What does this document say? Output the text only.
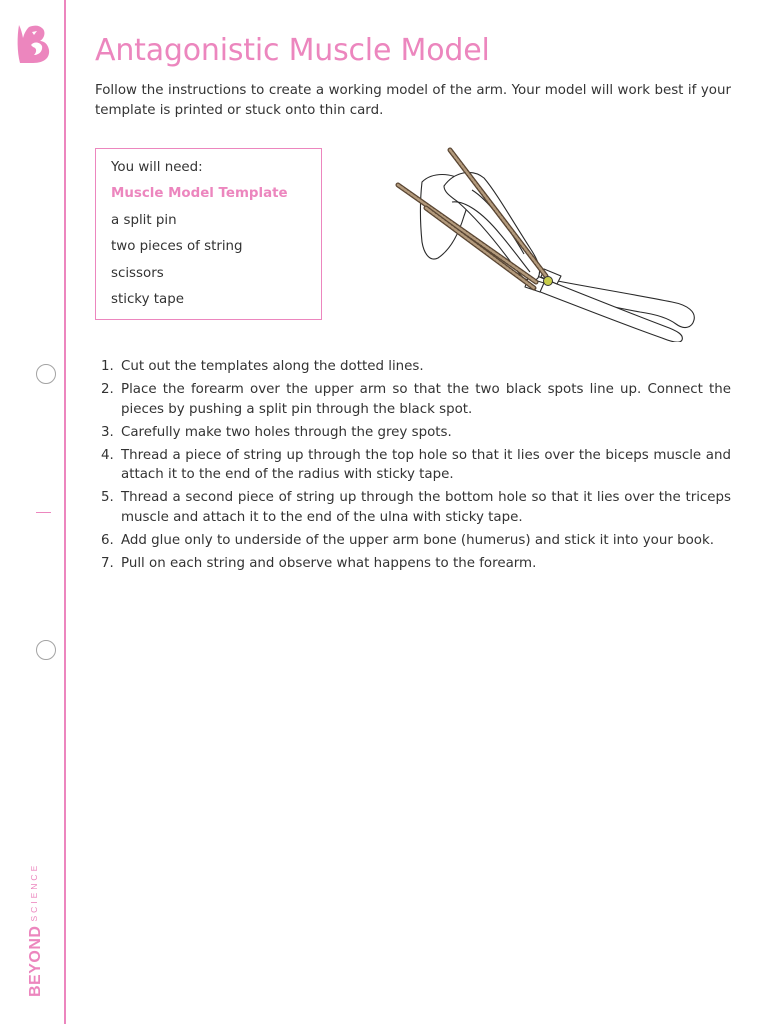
BEYONDSCIENCE
Antagonistic Muscle Model

Follow the instructions to create a working model of the arm. Your model will work best if your template is printed or stuck onto thin card.

You will need:
Muscle Model Template
a split pin
two pieces of string
scissors
sticky tape
1. Cut out the templates along the dotted lines.
2. Place the forearm over the upper arm so that the two black spots line up. Connect the pieces by pushing a split pin through the black spot.
3. Carefully make two holes through the grey spots.
4. Thread a piece of string up through the top hole so that it lies over the biceps muscle and attach it to the end of the radius with sticky tape.
5. Thread a second piece of string up through the bottom hole so that it lies over the triceps muscle and attach it to the end of the ulna with sticky tape.
6. Add glue only to underside of the upper arm bone (humerus) and stick it into your book.
7. Pull on each string and observe what happens to the forearm.
